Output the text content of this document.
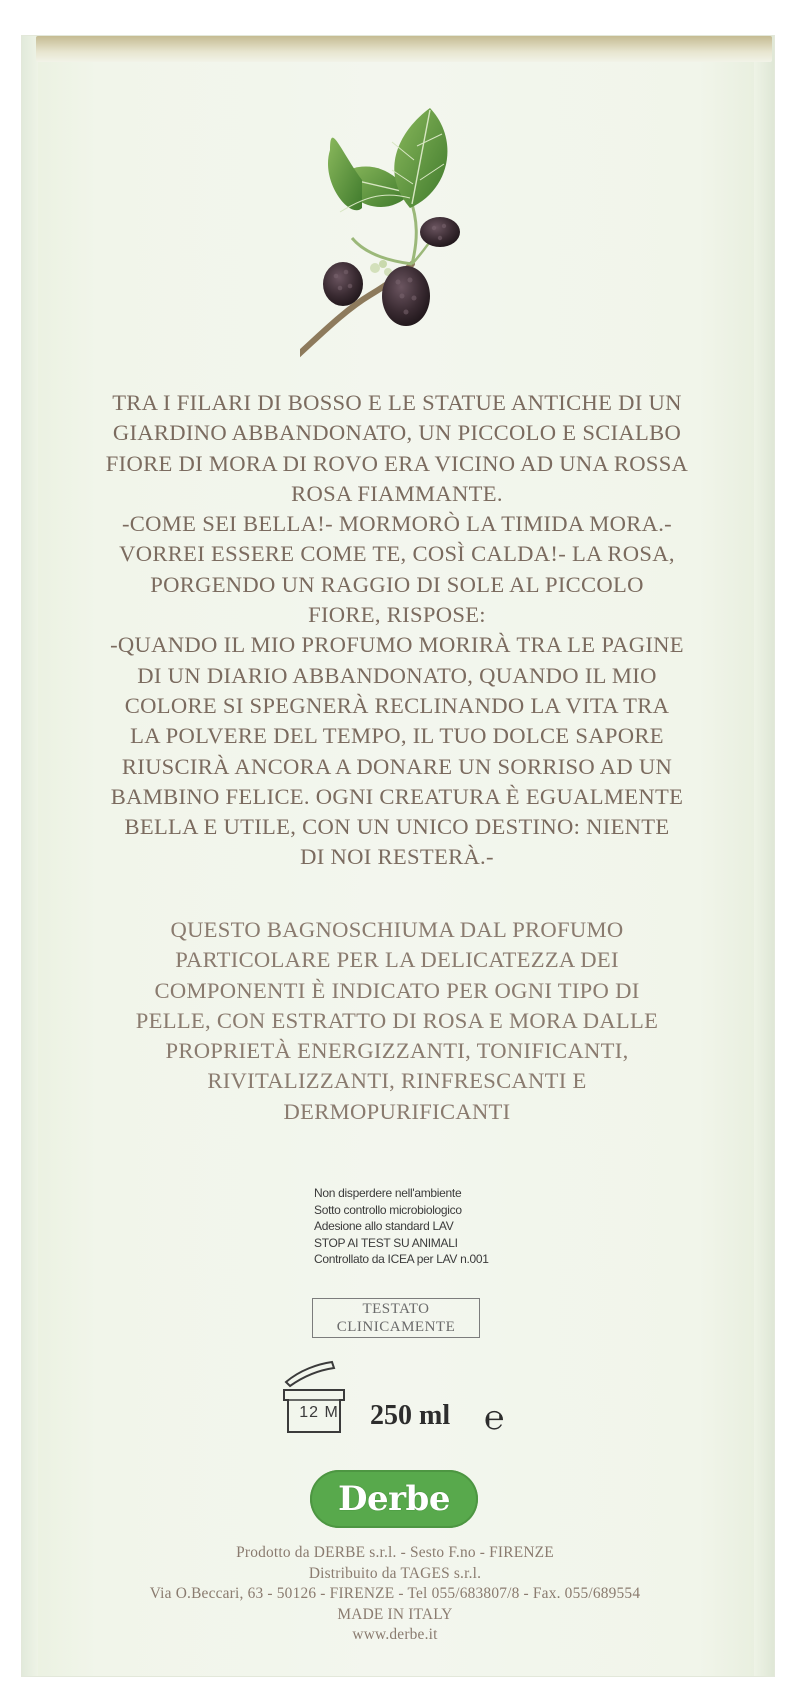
TRA I FILARI DI BOSSO E LE STATUE ANTICHE DI UN
GIARDINO ABBANDONATO, UN PICCOLO E SCIALBO
FIORE DI MORA DI ROVO ERA VICINO AD UNA ROSSA
ROSA FIAMMANTE.
-COME SEI BELLA!- MORMORÒ LA TIMIDA MORA.-
VORREI ESSERE COME TE, COSÌ CALDA!- LA ROSA,
PORGENDO UN RAGGIO DI SOLE AL PICCOLO
FIORE, RISPOSE:
-QUANDO IL MIO PROFUMO MORIRÀ TRA LE PAGINE
DI UN DIARIO ABBANDONATO, QUANDO IL MIO
COLORE SI SPEGNERÀ RECLINANDO LA VITA TRA
LA POLVERE DEL TEMPO, IL TUO DOLCE SAPORE
RIUSCIRÀ ANCORA A DONARE UN SORRISO AD UN
BAMBINO FELICE. OGNI CREATURA È EGUALMENTE
BELLA E UTILE, CON UN UNICO DESTINO: NIENTE
DI NOI RESTERÀ.-

QUESTO BAGNOSCHIUMA DAL PROFUMO
PARTICOLARE PER LA DELICATEZZA DEI
COMPONENTI È INDICATO PER OGNI TIPO DI
PELLE, CON ESTRATTO DI ROSA E MORA DALLE
PROPRIETÀ ENERGIZZANTI, TONIFICANTI,
RIVITALIZZANTI, RINFRESCANTI E
DERMOPURIFICANTI

Non disperdere nell'ambiente
Sotto controllo microbiologico
Adesione allo standard LAV
STOP AI TEST SU ANIMALI
Controllato da ICEA per LAV n.001
TESTATO
CLINICAMENTE
12 M	250 ml ℮
Derbe
Prodotto da DERBE s.r.l. - Sesto F.no - FIRENZE
Distribuito da TAGES s.r.l.
Via O.Beccari, 63 - 50126 - FIRENZE - Tel 055/683807/8 - Fax. 055/689554
MADE IN ITALY
www.derbe.it
